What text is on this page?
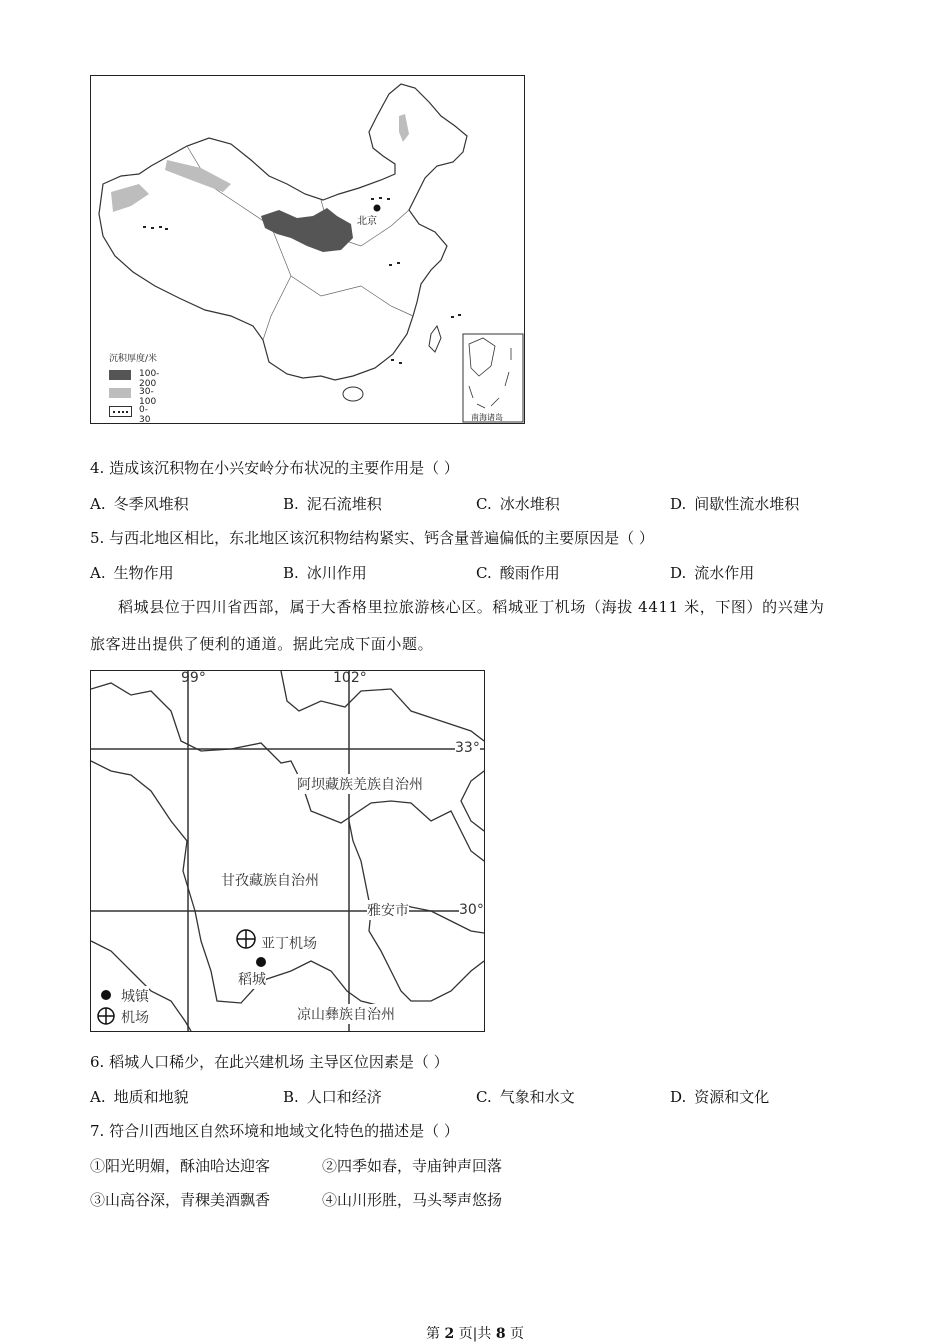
北京
南海诸岛
沉积厚度/米
100-200
30-100
0-30
4. 造成该沉积物在小兴安岭分布状况的主要作用是（ ）
A. 冬季风堆积	B. 泥石流堆积	C. 冰水堆积	D. 间歇性流水堆积
5. 与西北地区相比，东北地区该沉积物结构紧实、钙含量普遍偏低的主要原因是（ ）
A. 生物作用	B. 冰川作用	C. 酸雨作用	D. 流水作用
稻城县位于四川省西部，属于大香格里拉旅游核心区。稻城亚丁机场（海拔 4411 米，下图）的兴建为
旅客进出提供了便利的通道。据此完成下面小题。
99°	102°
33°
30°
阿坝藏族羌族自治州
甘孜藏族自治州
雅安市
亚丁机场
稻城
凉山彝族自治州
城镇
机场
6. 稻城人口稀少，在此兴建机场 主导区位因素是（ ）
A. 地质和地貌	B. 人口和经济	C. 气象和水文	D. 资源和文化
7. 符合川西地区自然环境和地域文化特色的描述是（ ）
①阳光明媚，酥油哈达迎客	②四季如春，寺庙钟声回落
③山高谷深，青稞美酒飘香	④山川形胜，马头琴声悠扬
第 2 页|共 8 页
